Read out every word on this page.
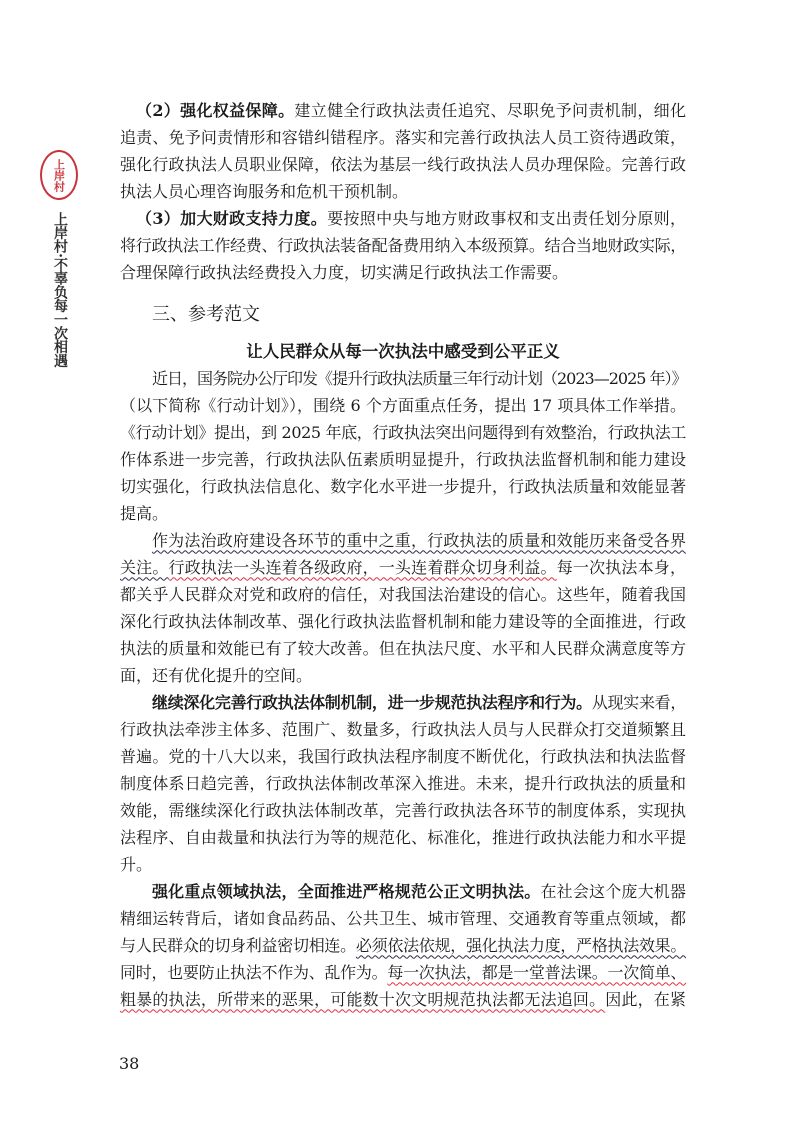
上岸村
上岸村·不辜负每一次相遇
（2）强化权益保障。建立健全行政执法责任追究、尽职免予问责机制，细化
追责、免予问责情形和容错纠错程序。落实和完善行政执法人员工资待遇政策，
强化行政执法人员职业保障，依法为基层一线行政执法人员办理保险。完善行政
执法人员心理咨询服务和危机干预机制。
（3）加大财政支持力度。要按照中央与地方财政事权和支出责任划分原则，
将行政执法工作经费、行政执法装备配备费用纳入本级预算。结合当地财政实际，
合理保障行政执法经费投入力度，切实满足行政执法工作需要。
三、参考范文
让人民群众从每一次执法中感受到公平正义
近日，国务院办公厅印发《提升行政执法质量三年行动计划（2023—2025 年）》
（以下简称《行动计划》），围绕 6 个方面重点任务，提出 17 项具体工作举措。
《行动计划》提出，到 2025 年底，行政执法突出问题得到有效整治，行政执法工
作体系进一步完善，行政执法队伍素质明显提升，行政执法监督机制和能力建设
切实强化，行政执法信息化、数字化水平进一步提升，行政执法质量和效能显著
提高。
作为法治政府建设各环节的重中之重，行政执法的质量和效能历来备受各界
关注。行政执法一头连着各级政府，一头连着群众切身利益。每一次执法本身，
都关乎人民群众对党和政府的信任，对我国法治建设的信心。这些年，随着我国
深化行政执法体制改革、强化行政执法监督机制和能力建设等的全面推进，行政
执法的质量和效能已有了较大改善。但在执法尺度、水平和人民群众满意度等方
面，还有优化提升的空间。
继续深化完善行政执法体制机制，进一步规范执法程序和行为。从现实来看，
行政执法牵涉主体多、范围广、数量多，行政执法人员与人民群众打交道频繁且
普遍。党的十八大以来，我国行政执法程序制度不断优化，行政执法和执法监督
制度体系日趋完善，行政执法体制改革深入推进。未来，提升行政执法的质量和
效能，需继续深化行政执法体制改革，完善行政执法各环节的制度体系，实现执
法程序、自由裁量和执法行为等的规范化、标准化，推进行政执法能力和水平提
升。
强化重点领域执法，全面推进严格规范公正文明执法。在社会这个庞大机器
精细运转背后，诸如食品药品、公共卫生、城市管理、交通教育等重点领域，都
与人民群众的切身利益密切相连。必须依法依规，强化执法力度，严格执法效果。
同时，也要防止执法不作为、乱作为。每一次执法，都是一堂普法课。一次简单、
粗暴的执法，所带来的恶果，可能数十次文明规范执法都无法追回。因此，在紧
38
